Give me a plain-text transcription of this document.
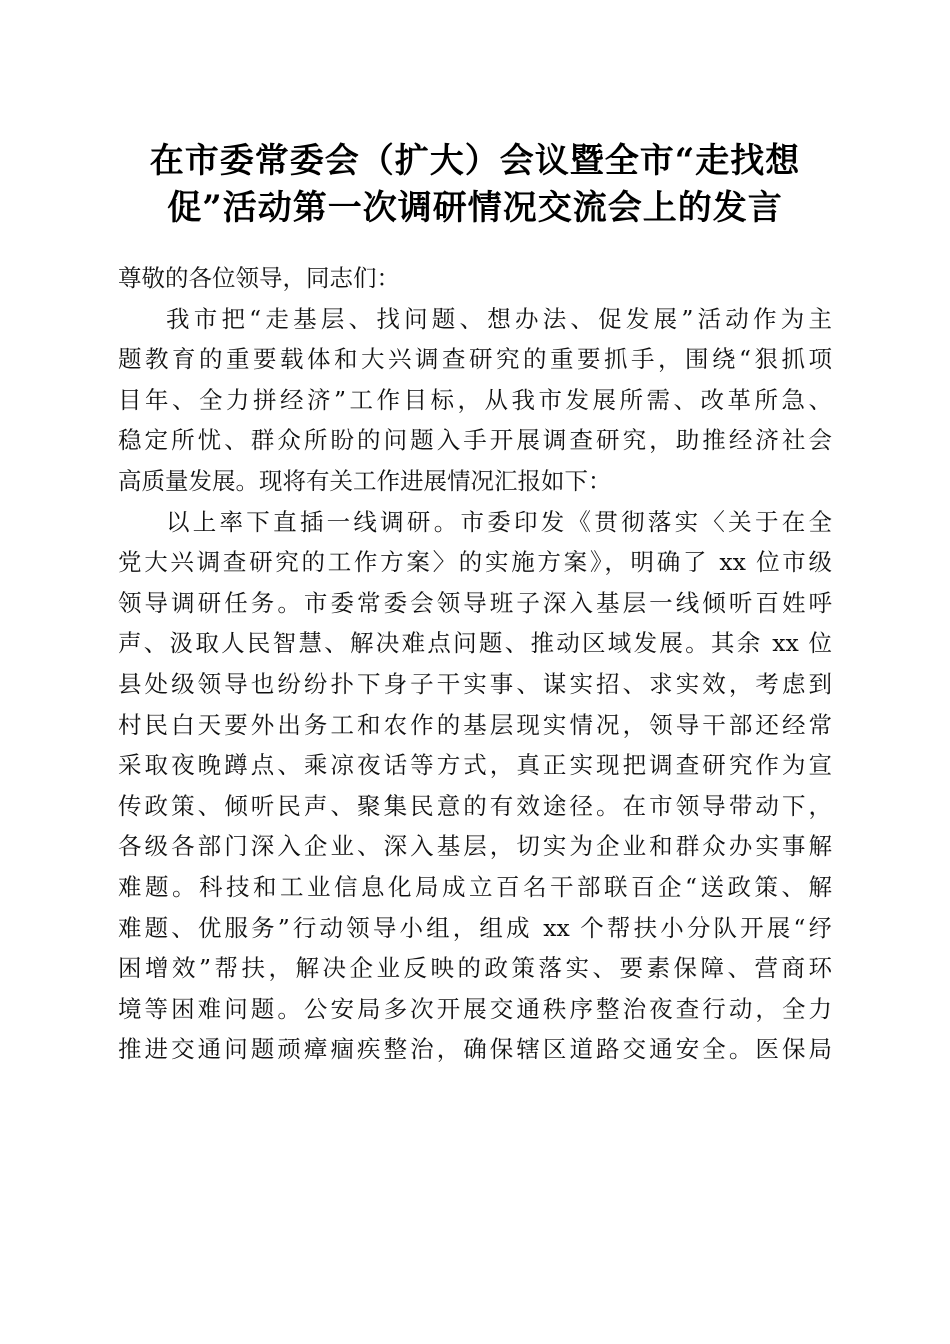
在市委常委会（扩大）会议暨全市“走找想
促”活动第一次调研情况交流会上的发言
尊敬的各位领导，同志们：
我市把“走基层、找问题、想办法、促发展”活动作为主
题教育的重要载体和大兴调查研究的重要抓手，围绕“狠抓项
目年、全力拼经济”工作目标，从我市发展所需、改革所急、
稳定所忧、群众所盼的问题入手开展调查研究，助推经济社会
高质量发展。现将有关工作进展情况汇报如下：
以上率下直插一线调研。市委印发《贯彻落实〈关于在全
党大兴调查研究的工作方案〉的实施方案》，明确了 xx 位市级
领导调研任务。市委常委会领导班子深入基层一线倾听百姓呼
声、汲取人民智慧、解决难点问题、推动区域发展。其余 xx 位
县处级领导也纷纷扑下身子干实事、谋实招、求实效，考虑到
村民白天要外出务工和农作的基层现实情况，领导干部还经常
采取夜晚蹲点、乘凉夜话等方式，真正实现把调查研究作为宣
传政策、倾听民声、聚集民意的有效途径。在市领导带动下，
各级各部门深入企业、深入基层，切实为企业和群众办实事解
难题。科技和工业信息化局成立百名干部联百企“送政策、解
难题、优服务”行动领导小组，组成 xx 个帮扶小分队开展“纾
困增效”帮扶，解决企业反映的政策落实、要素保障、营商环
境等困难问题。公安局多次开展交通秩序整治夜查行动，全力
推进交通问题顽瘴痼疾整治，确保辖区道路交通安全。医保局
